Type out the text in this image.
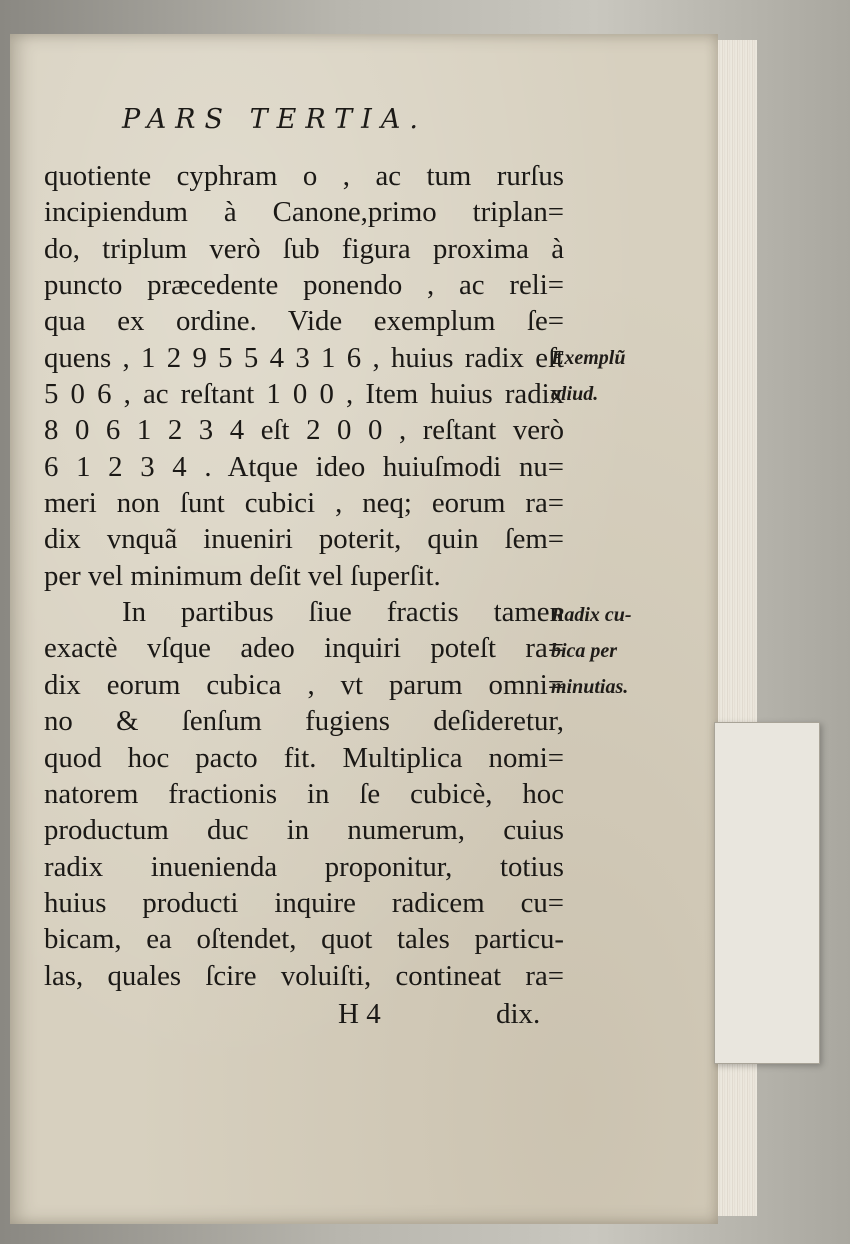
PARS TERTIA.

quotiente cyphram o , ac tum rurſus

incipiendum à Canone,primo triplan=

do, triplum verò ſub figura proxima à

puncto præcedente ponendo , ac reli=

qua ex ordine. Vide exemplum ſe=

quens , 1 2 9 5 5 4 3 1 6 , huius radix eſt

5 0 6 , ac reſtant 1 0 0 , Item huius radix

8 0 6 1 2 3 4 eſt 2 0 0 , reſtant verò

6 1 2 3 4 . Atque ideo huiuſmodi nu=

meri non ſunt cubici , neq; eorum ra=

dix vnquã inueniri poterit, quin ſem=

per vel minimum deſit vel ſuperſit.

In partibus ſiue fractis tamen

exactè vſque adeo inquiri poteſt ra=

dix eorum cubica , vt parum omni=

no & ſenſum fugiens deſideretur,

quod hoc pacto fit. Multiplica nomi=

natorem fractionis in ſe cubicè, hoc

productum duc in numerum, cuius

radix inuenienda proponitur, totius

huius producti inquire radicem cu=

bicam, ea oſtendet, quot tales particu-

las, quales ſcire voluiſti, contineat ra=

H 4	dix.
Exemplũ
aliud.
Radix cu-
bica per
minutias.
